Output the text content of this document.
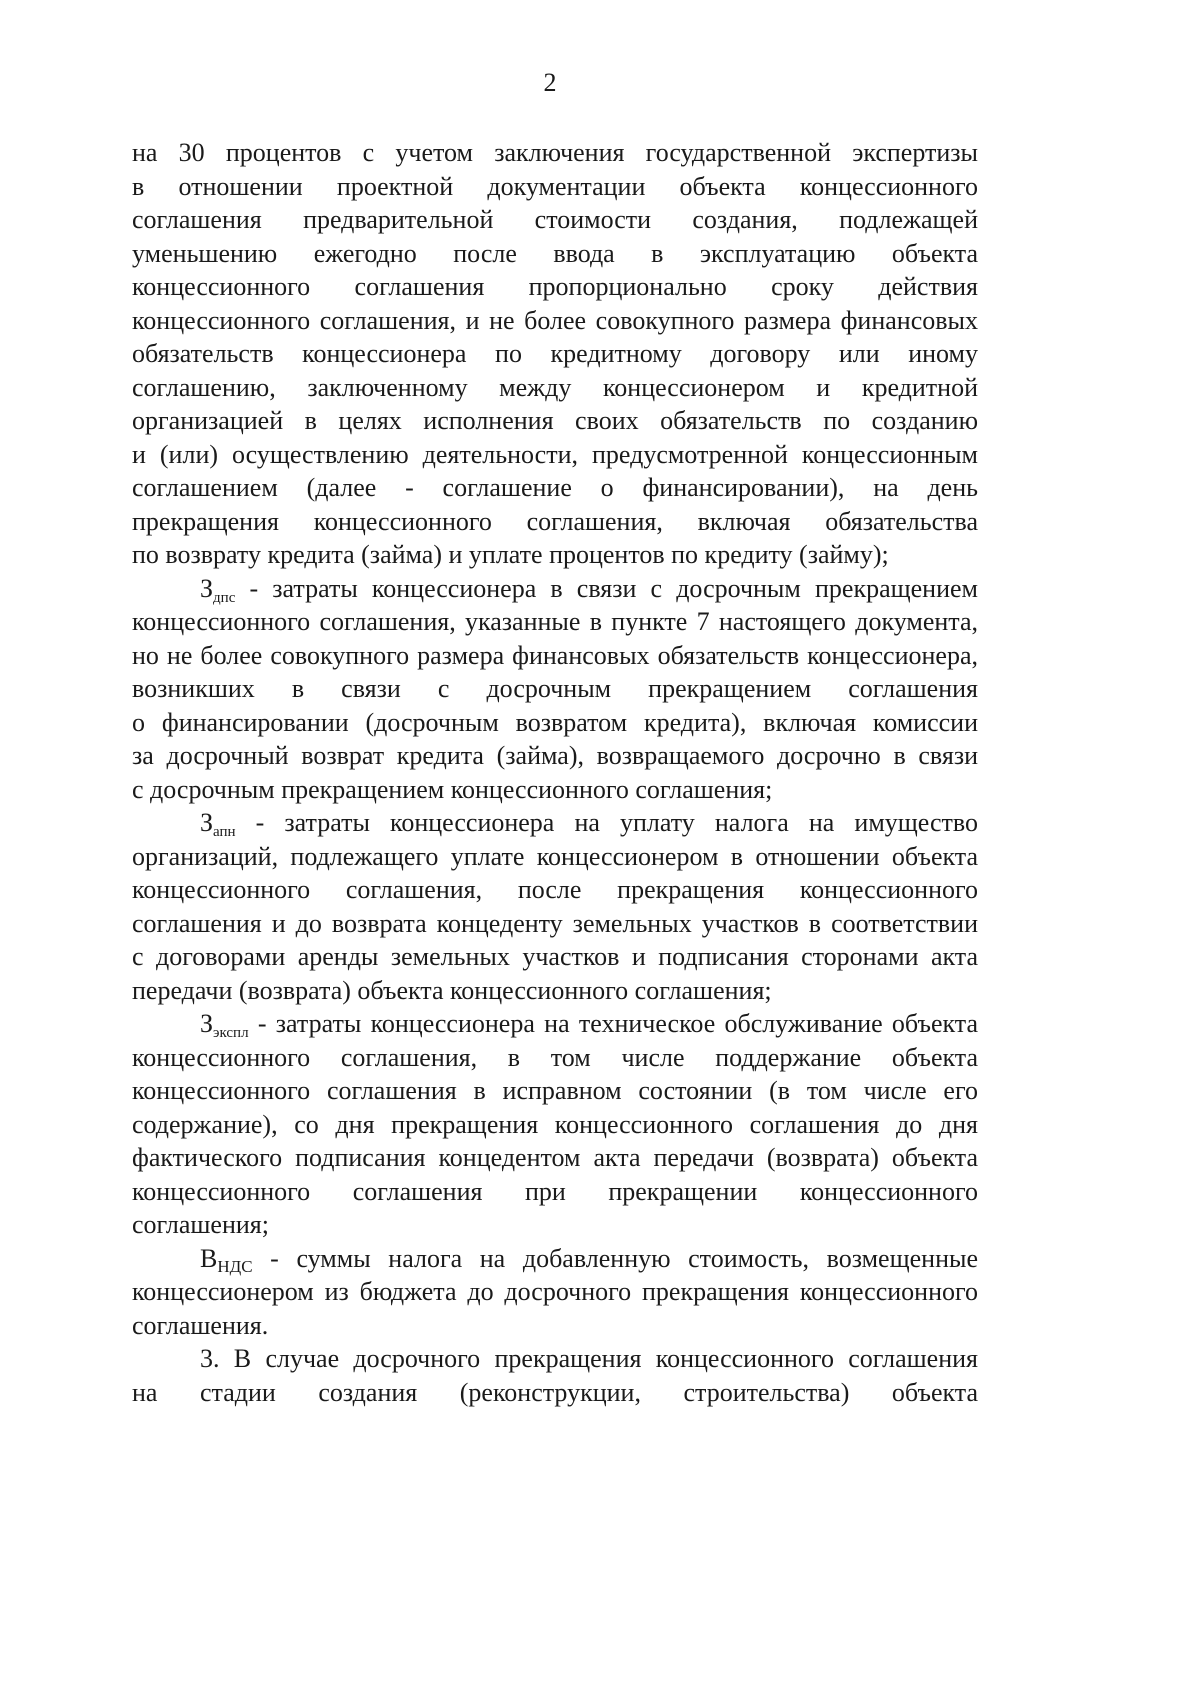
2
на 30 процентов с учетом заключения государственной экспертизы
в отношении проектной документации объекта концессионного
соглашения предварительной стоимости создания, подлежащей
уменьшению ежегодно после ввода в эксплуатацию объекта
концессионного соглашения пропорционально сроку действия
концессионного соглашения, и не более совокупного размера финансовых
обязательств концессионера по кредитному договору или иному
соглашению, заключенному между концессионером и кредитной
организацией в целях исполнения своих обязательств по созданию
и (или) осуществлению деятельности, предусмотренной концессионным
соглашением (далее - соглашение о финансировании), на день
прекращения концессионного соглашения, включая обязательства
по возврату кредита (займа) и уплате процентов по кредиту (займу);
$З_{дпс}$ - затраты концессионера в связи с досрочным прекращением
концессионного соглашения, указанные в пункте 7 настоящего документа,
но не более совокупного размера финансовых обязательств концессионера,
возникших в связи с досрочным прекращением соглашения
о финансировании (досрочным возвратом кредита), включая комиссии
за досрочный возврат кредита (займа), возвращаемого досрочно в связи
с досрочным прекращением концессионного соглашения;
$З_{апн}$ - затраты концессионера на уплату налога на имущество
организаций, подлежащего уплате концессионером в отношении объекта
концессионного соглашения, после прекращения концессионного
соглашения и до возврата концеденту земельных участков в соответствии
с договорами аренды земельных участков и подписания сторонами акта
передачи (возврата) объекта концессионного соглашения;
$З_{экспл}$ - затраты концессионера на техническое обслуживание объекта
концессионного соглашения, в том числе поддержание объекта
концессионного соглашения в исправном состоянии (в том числе его
содержание), со дня прекращения концессионного соглашения до дня
фактического подписания концедентом акта передачи (возврата) объекта
концессионного соглашения при прекращении концессионного
соглашения;
ВНДС - суммы налога на добавленную стоимость, возмещенные
концессионером из бюджета до досрочного прекращения концессионного
соглашения.
3. В случае досрочного прекращения концессионного соглашения
на стадии создания (реконструкции, строительства) объекта
